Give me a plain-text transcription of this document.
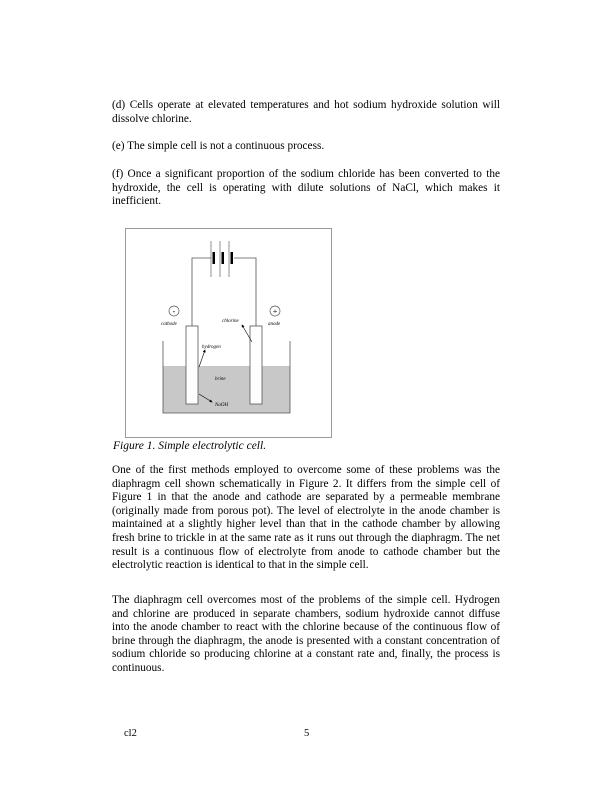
(d) Cells operate at elevated temperatures and hot sodium hydroxide solution will dissolve chlorine.
(e) The simple cell is not a continuous process.
(f) Once a significant proportion of the sodium chloride has been converted to the hydroxide, the cell is operating with dilute solutions of NaCl, which makes it inefficient.
-	+
cathode	anode
chlorine
hydrogen
brine
NaOH
Figure 1. Simple electrolytic cell.
One of the first methods employed to overcome some of these problems was the diaphragm cell shown schematically in Figure 2. It differs from the simple cell of Figure 1 in that the anode and cathode are separated by a permeable membrane (originally made from porous pot). The level of electrolyte in the anode chamber is maintained at a slightly higher level than that in the cathode chamber by allowing fresh brine to trickle in at the same rate as it runs out through the diaphragm. The net result is a continuous flow of electrolyte from anode to cathode chamber but the electrolytic reaction is identical to that in the simple cell.
The diaphragm cell overcomes most of the problems of the simple cell. Hydrogen and chlorine are produced in separate chambers, sodium hydroxide cannot diffuse into the anode chamber to react with the chlorine because of the continuous flow of brine through the diaphragm, the anode is presented with a constant concentration of sodium chloride so producing chlorine at a constant rate and, finally, the process is continuous.
cl2	5
